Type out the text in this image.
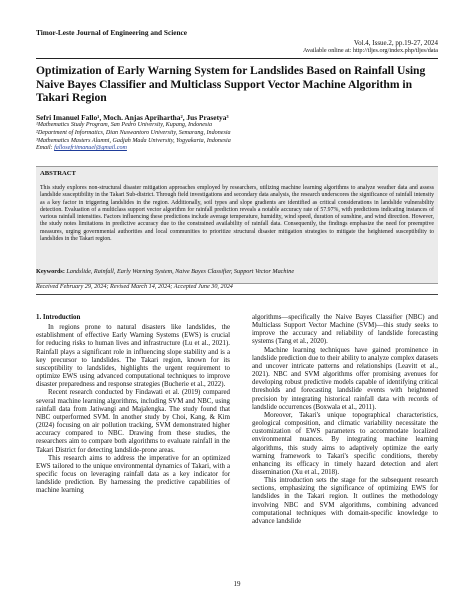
Timor-Leste Journal of Engineering and Science
Vol.4, Issue.2, pp.19-27, 2024
Available online at: http://tljes.org/index.php/tljes/data
Optimization of Early Warning System for Landslides Based on Rainfall Using Naive Bayes Classifier and Multiclass Support Vector Machine Algorithm in Takari Region
Sefri Imanuel Fallo¹, Moch. Anjas Aprihartha², Jus Prasetya³
¹Mathematics Study Program, San Pedro University, Kupang, Indonesia
²Department of Informatics, Dian Nuswantoro University, Semarang, Indonesia
³Mathematics Masters Alumni, Gadjah Mada University, Yogyakarta, Indonesia
Email: fallosefriimanuel@gmail.com
ABSTRACT
This study explores non-structural disaster mitigation approaches employed by researchers, utilizing machine learning algorithms to analyze weather data and assess landslide susceptibility in the Takari Sub-district. Through field investigations and secondary data analysis, the research underscores the significance of rainfall intensity as a key factor in triggering landslides in the region. Additionally, soil types and slope gradients are identified as critical considerations in landslide vulnerability detection. Evaluation of a multiclass support vector algorithm for rainfall prediction reveals a notable accuracy rate of 57.97%, with predictions indicating instances of various rainfall intensities. Factors influencing these predictions include average temperature, humidity, wind speed, duration of sunshine, and wind direction. However, the study notes limitations in predictive accuracy due to the constrained availability of rainfall data. Consequently, the findings emphasize the need for preemptive measures, urging governmental authorities and local communities to prioritize structural disaster mitigation strategies to mitigate the heightened susceptibility to landslides in the Takari region.
Keywords: Landslide, Rainfall, Early Warning System, Naive Bayes Classifier, Support Vector Machine
Received February 29, 2024; Revised March 14, 2024; Accepted June 30, 2024

1. Introduction

In regions prone to natural disasters like landslides, the establishment of effective Early Warning Systems (EWS) is crucial for reducing risks to human lives and infrastructure (Lu et al., 2021). Rainfall plays a significant role in influencing slope stability and is a key precursor to landslides. The Takari region, known for its susceptibility to landslides, highlights the urgent requirement to optimize EWS using advanced computational techniques to improve disaster preparedness and response strategies (Bucherie et al., 2022).

Recent research conducted by Findawati et al. (2019) compared several machine learning algorithms, including SVM and NBC, using rainfall data from Jatiwangi and Majalengka. The study found that NBC outperformed SVM. In another study by Choi, Kang, & Kim (2024) focusing on air pollution tracking, SVM demonstrated higher accuracy compared to NBC. Drawing from these studies, the researchers aim to compare both algorithms to evaluate rainfall in the Takari District for detecting landslide-prone areas.

This research aims to address the imperative for an optimized EWS tailored to the unique environmental dynamics of Takari, with a specific focus on leveraging rainfall data as a key indicator for landslide prediction. By harnessing the predictive capabilities of machine learning

algorithms—specifically the Naive Bayes Classifier (NBC) and Multiclass Support Vector Machine (SVM)—this study seeks to improve the accuracy and reliability of landslide forecasting systems (Tang et al., 2020).

Machine learning techniques have gained prominence in landslide prediction due to their ability to analyze complex datasets and uncover intricate patterns and relationships (Leavitt et al., 2021). NBC and SVM algorithms offer promising avenues for developing robust predictive models capable of identifying critical thresholds and forecasting landslide events with heightened precision by integrating historical rainfall data with records of landslide occurrences (Boxwala et al., 2011).

Moreover, Takari's unique topographical characteristics, geological composition, and climatic variability necessitate the customization of EWS parameters to accommodate localized environmental nuances. By integrating machine learning algorithms, this study aims to adaptively optimize the early warning framework to Takari's specific conditions, thereby enhancing its efficacy in timely hazard detection and alert dissemination (Xu et al., 2018).

This introduction sets the stage for the subsequent research sections, emphasizing the significance of optimizing EWS for landslides in the Takari region. It outlines the methodology involving NBC and SVM algorithms, combining advanced computational techniques with domain-specific knowledge to advance landslide

19
